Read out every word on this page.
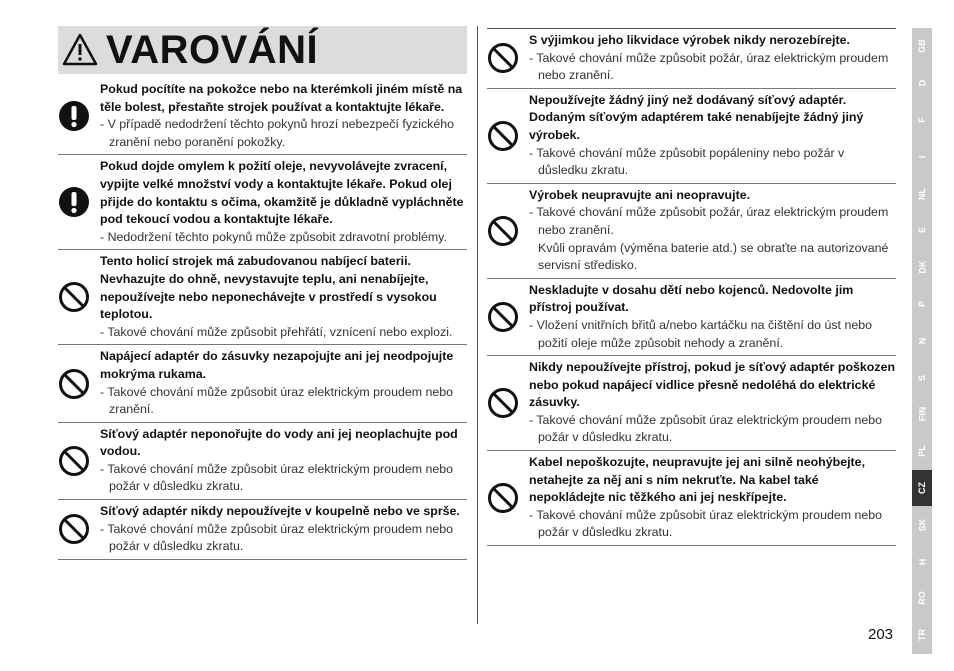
VAROVÁNÍ
Pokud pocítíte na pokožce nebo na kterémkoli jiném místě na těle bolest, přestaňte strojek používat a kontaktujte lékaře.
- V případě nedodržení těchto pokynů hrozí nebezpečí fyzického zranění nebo poranění pokožky.
Pokud dojde omylem k požití oleje, nevyvolávejte zvracení, vypijte velké množství vody a kontaktujte lékaře. Pokud olej přijde do kontaktu s očima, okamžitě je důkladně vypláchněte pod tekoucí vodou a kontaktujte lékaře.
- Nedodržení těchto pokynů může způsobit zdravotní problémy.
Tento holicí strojek má zabudovanou nabíjecí baterii. Nevhazujte do ohně, nevystavujte teplu, ani nenabíjejte, nepoužívejte nebo neponechávejte v prostředí s vysokou teplotou.
- Takové chování může způsobit přehřátí, vznícení nebo explozi.
Napájecí adaptér do zásuvky nezapojujte ani jej neodpojujte mokrýma rukama.
- Takové chování může způsobit úraz elektrickým proudem nebo zranění.
Síťový adaptér neponořujte do vody ani jej neoplachujte pod vodou.
- Takové chování může způsobit úraz elektrickým proudem nebo požár v důsledku zkratu.
Síťový adaptér nikdy nepoužívejte v koupelně nebo ve sprše.
- Takové chování může způsobit úraz elektrickým proudem nebo požár v důsledku zkratu.
S výjimkou jeho likvidace výrobek nikdy nerozebírejte.
- Takové chování může způsobit požár, úraz elektrickým proudem nebo zranění.
Nepoužívejte žádný jiný než dodávaný síťový adaptér. Dodaným síťovým adaptérem také nenabíjejte žádný jiný výrobek.
- Takové chování může způsobit popáleniny nebo požár v důsledku zkratu.
Výrobek neupravujte ani neopravujte.
- Takové chování může způsobit požár, úraz elektrickým proudem nebo zranění.
Kvůli opravám (výměna baterie atd.) se obraťte na autorizované servisní středisko.
Neskladujte v dosahu dětí nebo kojenců. Nedovolte jim přístroj používat.
- Vložení vnitřních břitů a/nebo kartáčku na čištění do úst nebo požití oleje může způsobit nehody a zranění.
Nikdy nepoužívejte přístroj, pokud je síťový adaptér poškozen nebo pokud napájecí vidlice přesně nedoléhá do elektrické zásuvky.
- Takové chování může způsobit úraz elektrickým proudem nebo požár v důsledku zkratu.
Kabel nepoškozujte, neupravujte jej ani silně neohýbejte, netahejte za něj ani s ním nekruťte. Na kabel také nepokládejte nic těžkého ani jej neskřípejte.
- Takové chování může způsobit úraz elektrickým proudem nebo požár v důsledku zkratu.
GB
D
F
I
NL
E
DK
P
N
S
FIN
PL
CZ
SK
H
RO
TR
203
